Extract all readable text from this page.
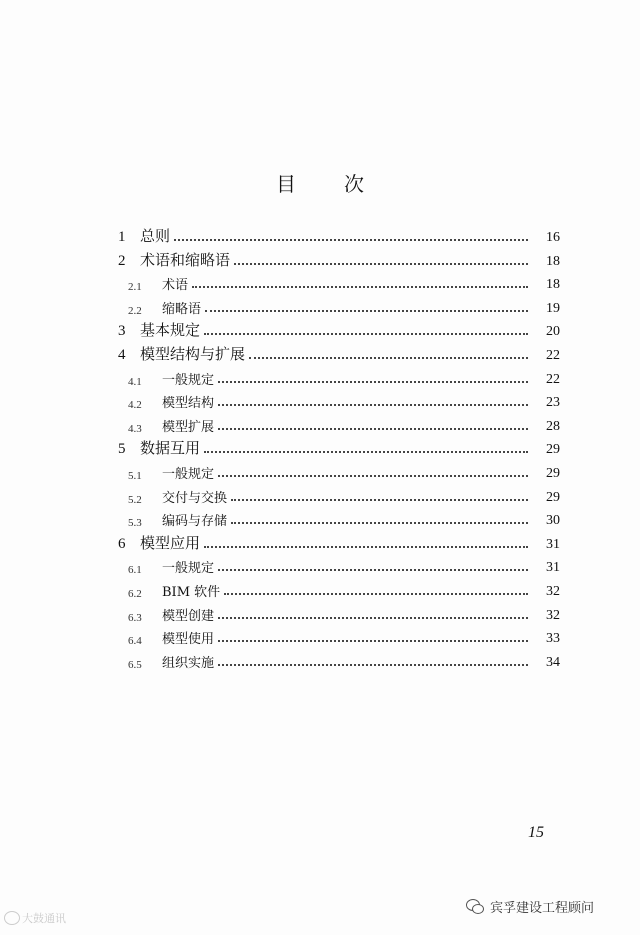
目 次
1 总则	16
2 术语和缩略语	18
2.1	术语	18
2.2	缩略语	19
3 基本规定	20
4 模型结构与扩展	22
4.1	一般规定	22
4.2	模型结构	23
4.3	模型扩展	28
5 数据互用	29
5.1	一般规定	29
5.2	交付与交换	29
5.3	编码与存储	30
6 模型应用	31
6.1	一般规定	31
6.2	BIM 软件	32
6.3	模型创建	32
6.4	模型使用	33
6.5	组织实施	34
15
大鼓通讯
宾孚建设工程顾问
